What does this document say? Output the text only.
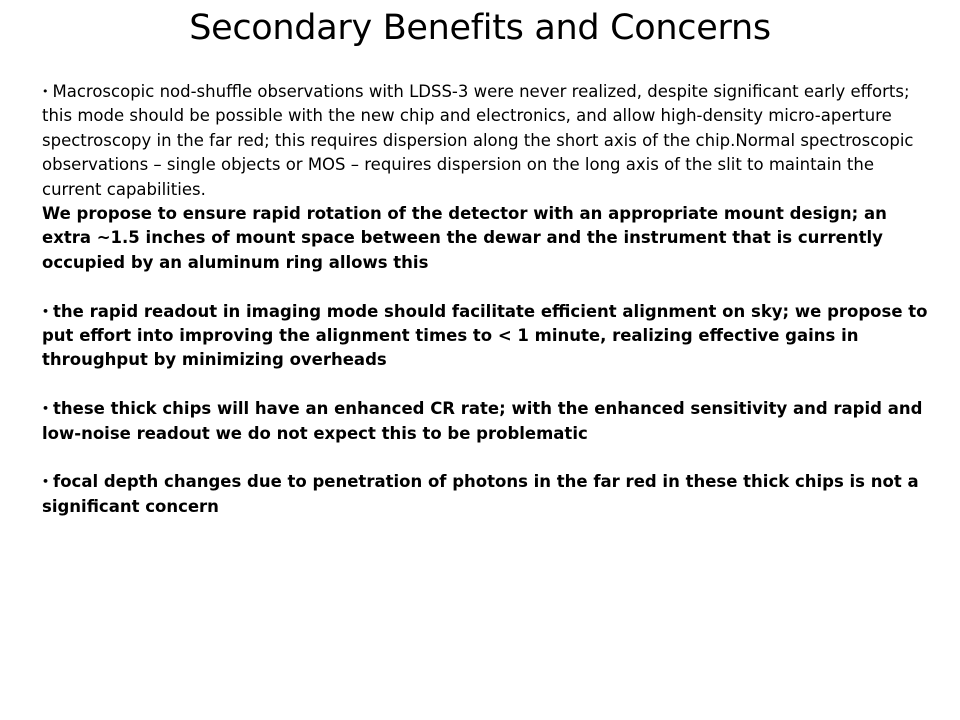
Secondary Benefits and Concerns

• Macroscopic nod-shuffle observations with LDSS-3 were never realized, despite significant early efforts; this mode should be possible with the new chip and electronics, and allow high-density micro-aperture spectroscopy in the far red; this requires dispersion along the short axis of the chip.Normal spectroscopic observations – single objects or MOS – requires dispersion on the long axis of the slit to maintain the current capabilities.

We propose to ensure rapid rotation of the detector with an appropriate mount design; an extra ~1.5 inches of mount space between the dewar and the instrument that is currently occupied by an aluminum ring allows this

• the rapid readout in imaging mode should facilitate efficient alignment on sky; we propose to put effort into improving the alignment times to < 1 minute, realizing effective gains in throughput by minimizing overheads

• these thick chips will have an enhanced CR rate; with the enhanced sensitivity and rapid and low-noise readout we do not expect this to be problematic

• focal depth changes due to penetration of photons in the far red in these thick chips is not a significant concern
